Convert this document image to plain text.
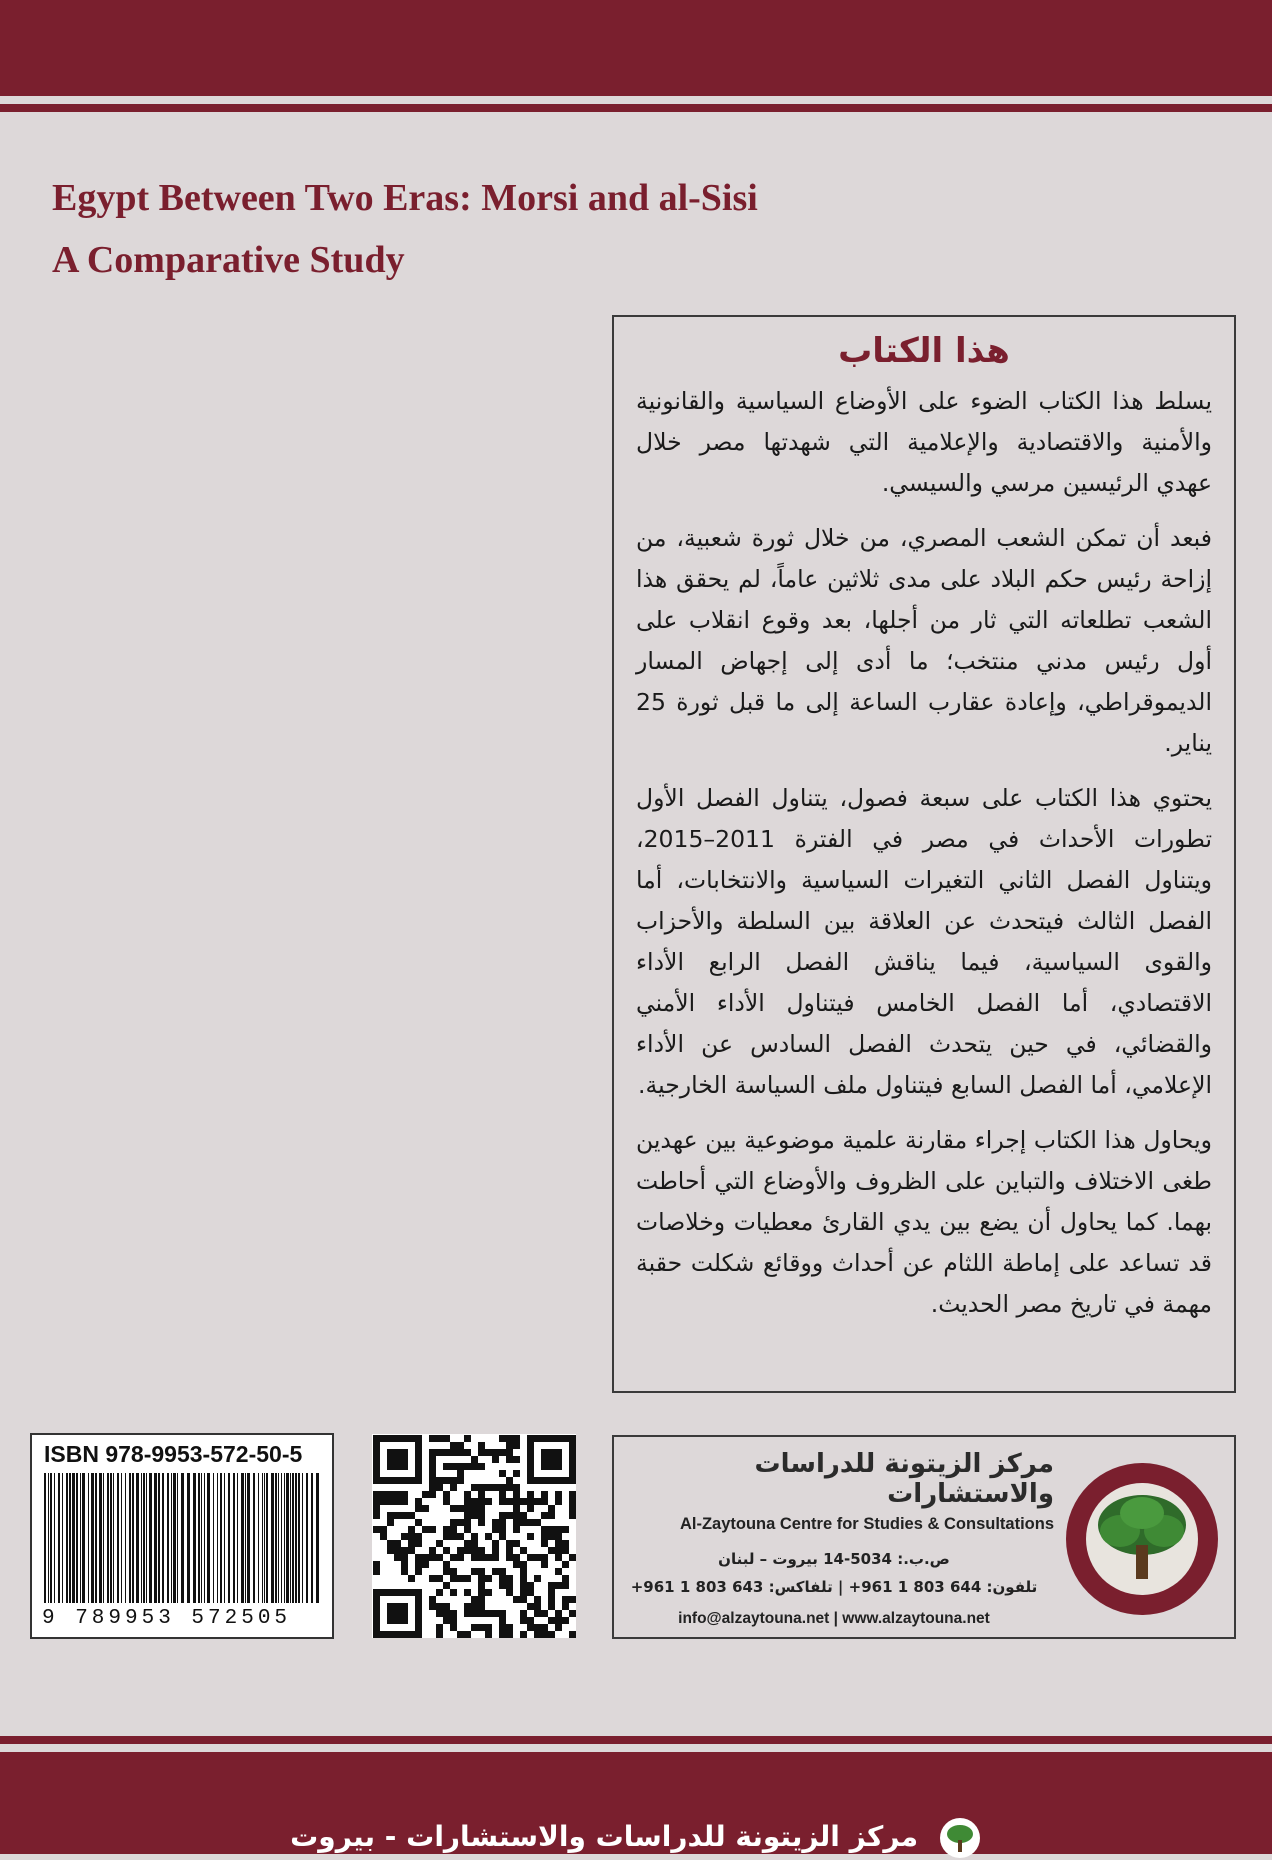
Egypt Between Two Eras: Morsi and al-Sisi
A Comparative Study
هذا الكتاب

يسلط هذا الكتاب الضوء على الأوضاع السياسية والقانونية والأمنية والاقتصادية والإعلامية التي شهدتها مصر خلال عهدي الرئيسين مرسي والسيسي.

فبعد أن تمكن الشعب المصري، من خلال ثورة شعبية، من إزاحة رئيس حكم البلاد على مدى ثلاثين عاماً، لم يحقق هذا الشعب تطلعاته التي ثار من أجلها، بعد وقوع انقلاب على أول رئيس مدني منتخب؛ ما أدى إلى إجهاض المسار الديموقراطي، وإعادة عقارب الساعة إلى ما قبل ثورة 25 يناير.

يحتوي هذا الكتاب على سبعة فصول، يتناول الفصل الأول تطورات الأحداث في مصر في الفترة 2011–2015، ويتناول الفصل الثاني التغيرات السياسية والانتخابات، أما الفصل الثالث فيتحدث عن العلاقة بين السلطة والأحزاب والقوى السياسية، فيما يناقش الفصل الرابع الأداء الاقتصادي، أما الفصل الخامس فيتناول الأداء الأمني والقضائي، في حين يتحدث الفصل السادس عن الأداء الإعلامي، أما الفصل السابع فيتناول ملف السياسة الخارجية.

ويحاول هذا الكتاب إجراء مقارنة علمية موضوعية بين عهدين طغى الاختلاف والتباين على الظروف والأوضاع التي أحاطت بهما. كما يحاول أن يضع بين يدي القارئ معطيات وخلاصات قد تساعد على إماطة اللثام عن أحداث ووقائع شكلت حقبة مهمة في تاريخ مصر الحديث.

ISBN 978-9953-572-50-5
9 789953 572505
مركز الزيتونة للدراسات والاستشارات
Al-Zaytouna Centre for Studies & Consultations
ص.ب.: 5034-14 بيروت – لبنان
تلفون: 644 803 1 961+ | تلفاكس: 643 803 1 961+
info@alzaytouna.net | www.alzaytouna.net
مركز الزيتونة للدراسات والاستشارات - بيروت
